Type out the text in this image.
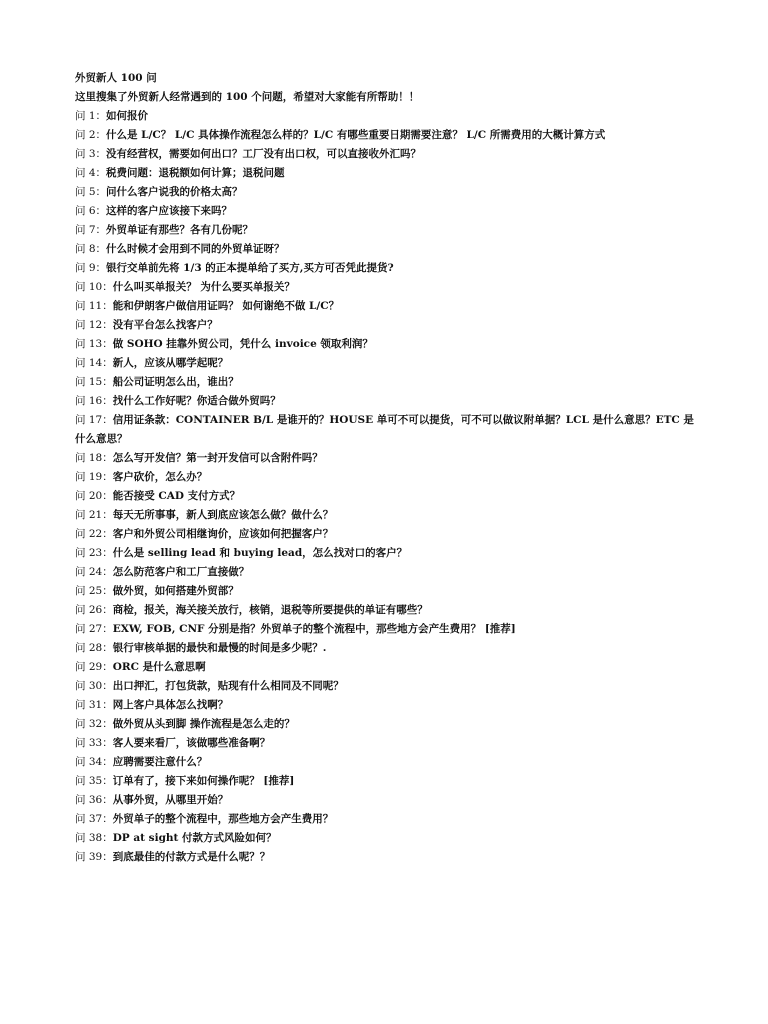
外贸新人 100 问

这里搜集了外贸新人经常遇到的 100 个问题，希望对大家能有所帮助！！

问 1：如何报价

问 2：什么是 L/C？ L/C 具体操作流程怎么样的？L/C 有哪些重要日期需要注意？ L/C 所需费用的大概计算方式

问 3：没有经营权，需要如何出口？工厂没有出口权，可以直接收外汇吗？

问 4：税费问题：退税额如何计算；退税问题

问 5：问什么客户说我的价格太高？

问 6：这样的客户应该接下来吗？

问 7：外贸单证有那些？各有几份呢？

问 8：什么时候才会用到不同的外贸单证呀？

问 9：银行交单前先将 1/3 的正本提单给了买方,买方可否凭此提货?

问 10：什么叫买单报关？ 为什么要买单报关？

问 11：能和伊朗客户做信用证吗？ 如何谢绝不做 L/C？

问 12：没有平台怎么找客户？

问 13：做 SOHO 挂靠外贸公司，凭什么 invoice 领取利润？

问 14：新人，应该从哪学起呢？

问 15：船公司证明怎么出，谁出？

问 16：找什么工作好呢？你适合做外贸吗？

问 17：信用证条款：CONTAINER B/L 是谁开的？HOUSE 单可不可以提货，可不可以做议附单据？LCL 是什么意思？ETC 是什么意思？

问 18：怎么写开发信？第一封开发信可以含附件吗？

问 19：客户砍价，怎么办？

问 20：能否接受 CAD 支付方式？

问 21：每天无所事事，新人到底应该怎么做？做什么？

问 22：客户和外贸公司相继询价，应该如何把握客户？

问 23：什么是 selling lead 和 buying lead，怎么找对口的客户？

问 24：怎么防范客户和工厂直接做？

问 25：做外贸，如何搭建外贸部？

问 26：商检，报关，海关接关放行，核销，退税等所要提供的单证有哪些？

问 27：EXW, FOB, CNF 分别是指？外贸单子的整个流程中，那些地方会产生费用？ [推荐]

问 28：银行审核单据的最快和最慢的时间是多少呢？.

问 29：ORC 是什么意思啊

问 30：出口押汇，打包货款，贴现有什么相同及不同呢？

问 31：网上客户具体怎么找啊？

问 32：做外贸从头到脚 操作流程是怎么走的？

问 33：客人要来看厂，该做哪些准备啊？

问 34：应聘需要注意什么？

问 35：订单有了，接下来如何操作呢？ [推荐]

问 36：从事外贸，从哪里开始？

问 37：外贸单子的整个流程中，那些地方会产生费用？

问 38：DP at sight 付款方式风险如何？

问 39：到底最佳的付款方式是什么呢？？
